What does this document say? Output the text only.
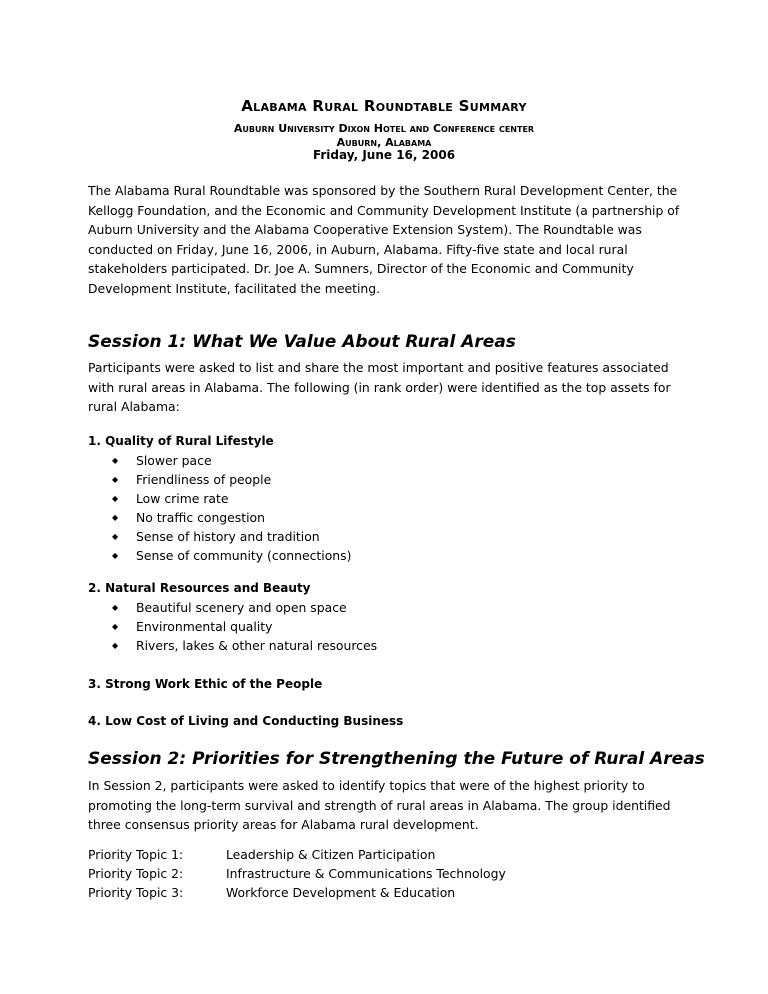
Alabama Rural Roundtable Summary
Auburn University Dixon Hotel and Conference center
Auburn, Alabama
Friday, June 16, 2006

The Alabama Rural Roundtable was sponsored by the Southern Rural Development Center, the Kellogg Foundation, and the Economic and Community Development Institute (a partnership of Auburn University and the Alabama Cooperative Extension System). The Roundtable was conducted on Friday, June 16, 2006, in Auburn, Alabama. Fifty-five state and local rural stakeholders participated. Dr. Joe A. Sumners, Director of the Economic and Community Development Institute, facilitated the meeting.

Session 1: What We Value About Rural Areas

Participants were asked to list and share the most important and positive features associated with rural areas in Alabama. The following (in rank order) were identified as the top assets for rural Alabama:

1. Quality of Rural Lifestyle
◆ Slower pace
◆ Friendliness of people
◆ Low crime rate
◆ No traffic congestion
◆ Sense of history and tradition
◆ Sense of community (connections)
2. Natural Resources and Beauty
◆ Beautiful scenery and open space
◆ Environmental quality
◆ Rivers, lakes & other natural resources
3. Strong Work Ethic of the People
4. Low Cost of Living and Conducting Business
Session 2: Priorities for Strengthening the Future of Rural Areas

In Session 2, participants were asked to identify topics that were of the highest priority to promoting the long-term survival and strength of rural areas in Alabama. The group identified three consensus priority areas for Alabama rural development.

Priority Topic 1:	Leadership & Citizen Participation
Priority Topic 2:	Infrastructure & Communications Technology
Priority Topic 3:	Workforce Development & Education
